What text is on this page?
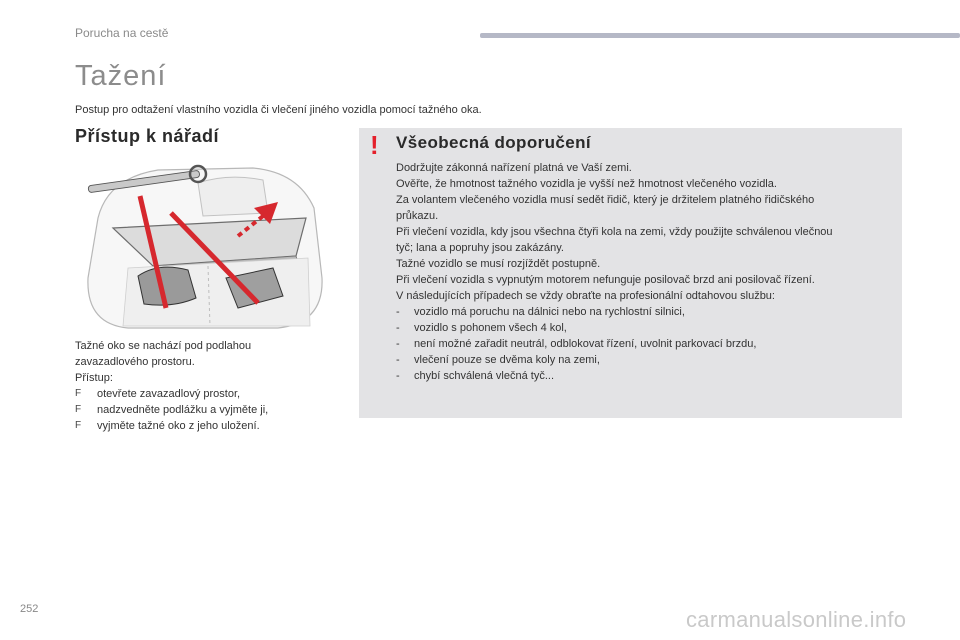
Porucha na cestě
Tažení
Postup pro odtažení vlastního vozidla či vlečení jiného vozidla pomocí tažného oka.
Přístup k nářadí

Tažné oko se nachází pod podlahou

zavazadlového prostoru.

Přístup:

F otevřete zavazadlový prostor,
F nadzvedněte podlážku a vyjměte ji,
F vyjměte tažné oko z jeho uložení.
! Všeobecná doporučení

Dodržujte zákonná nařízení platná ve Vaší zemi.

Ověřte, že hmotnost tažného vozidla je vyšší než hmotnost vlečeného vozidla.

Za volantem vlečeného vozidla musí sedět řidič, který je držitelem platného řidičského

průkazu.

Při vlečení vozidla, kdy jsou všechna čtyři kola na zemi, vždy použijte schválenou vlečnou

tyč; lana a popruhy jsou zakázány.

Tažné vozidlo se musí rozjíždět postupně.

Při vlečení vozidla s vypnutým motorem nefunguje posilovač brzd ani posilovač řízení.

V následujících případech se vždy obraťte na profesionální odtahovou službu:

- vozidlo má poruchu na dálnici nebo na rychlostní silnici,
- vozidlo s pohonem všech 4 kol,
- není možné zařadit neutrál, odblokovat řízení, uvolnit parkovací brzdu,
- vlečení pouze se dvěma koly na zemi,
- chybí schválená vlečná tyč...
252	carmanualsonline.info
